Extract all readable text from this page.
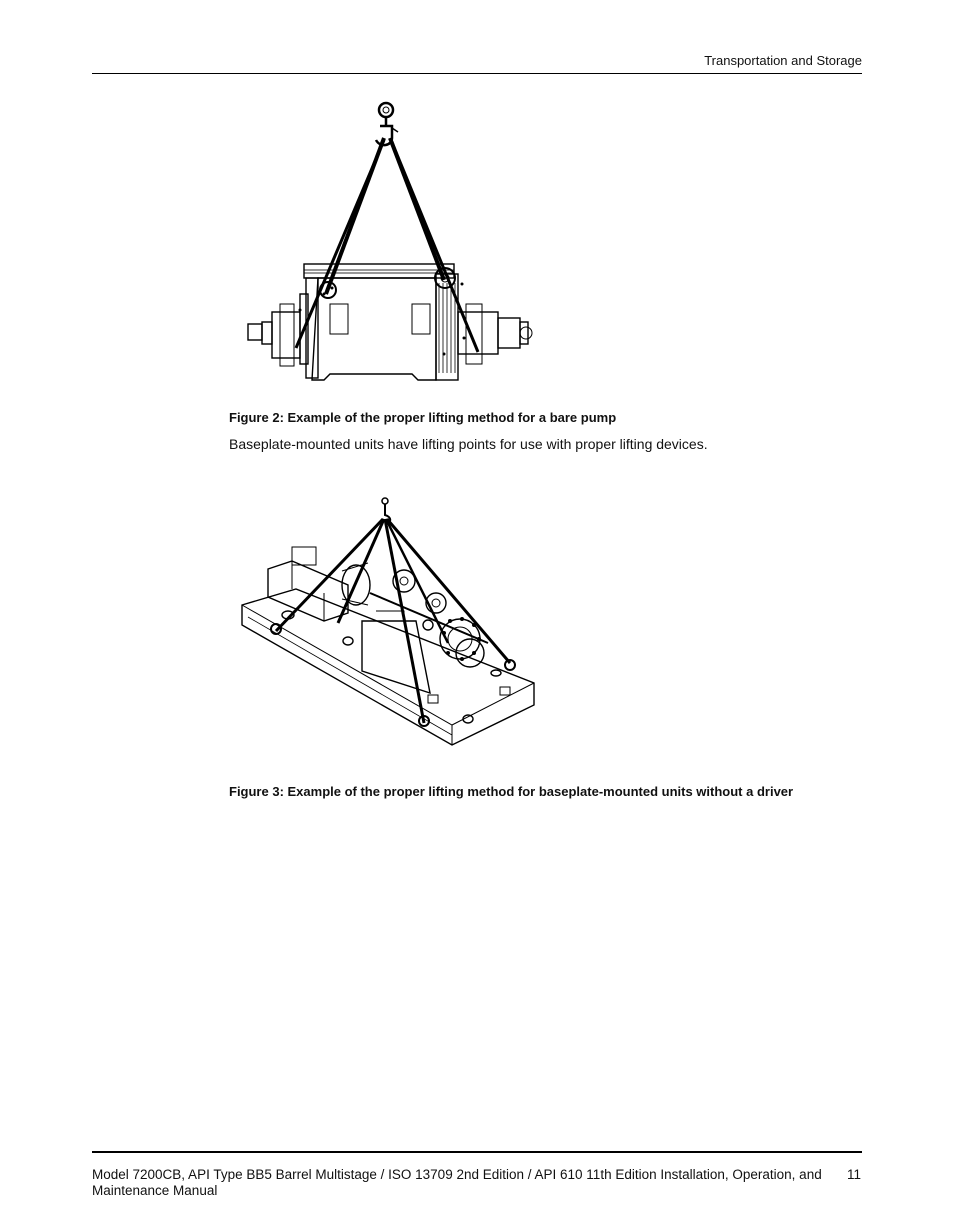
Transportation and Storage
Figure 2: Example of the proper lifting method for a bare pump
Baseplate-mounted units have lifting points for use with proper lifting devices.
Figure 3: Example of the proper lifting method for baseplate-mounted units without a driver
Model 7200CB, API Type BB5 Barrel Multistage / ISO 13709 2nd Edition / API 610 11th Edition Installation, Operation, and Maintenance Manual
11
